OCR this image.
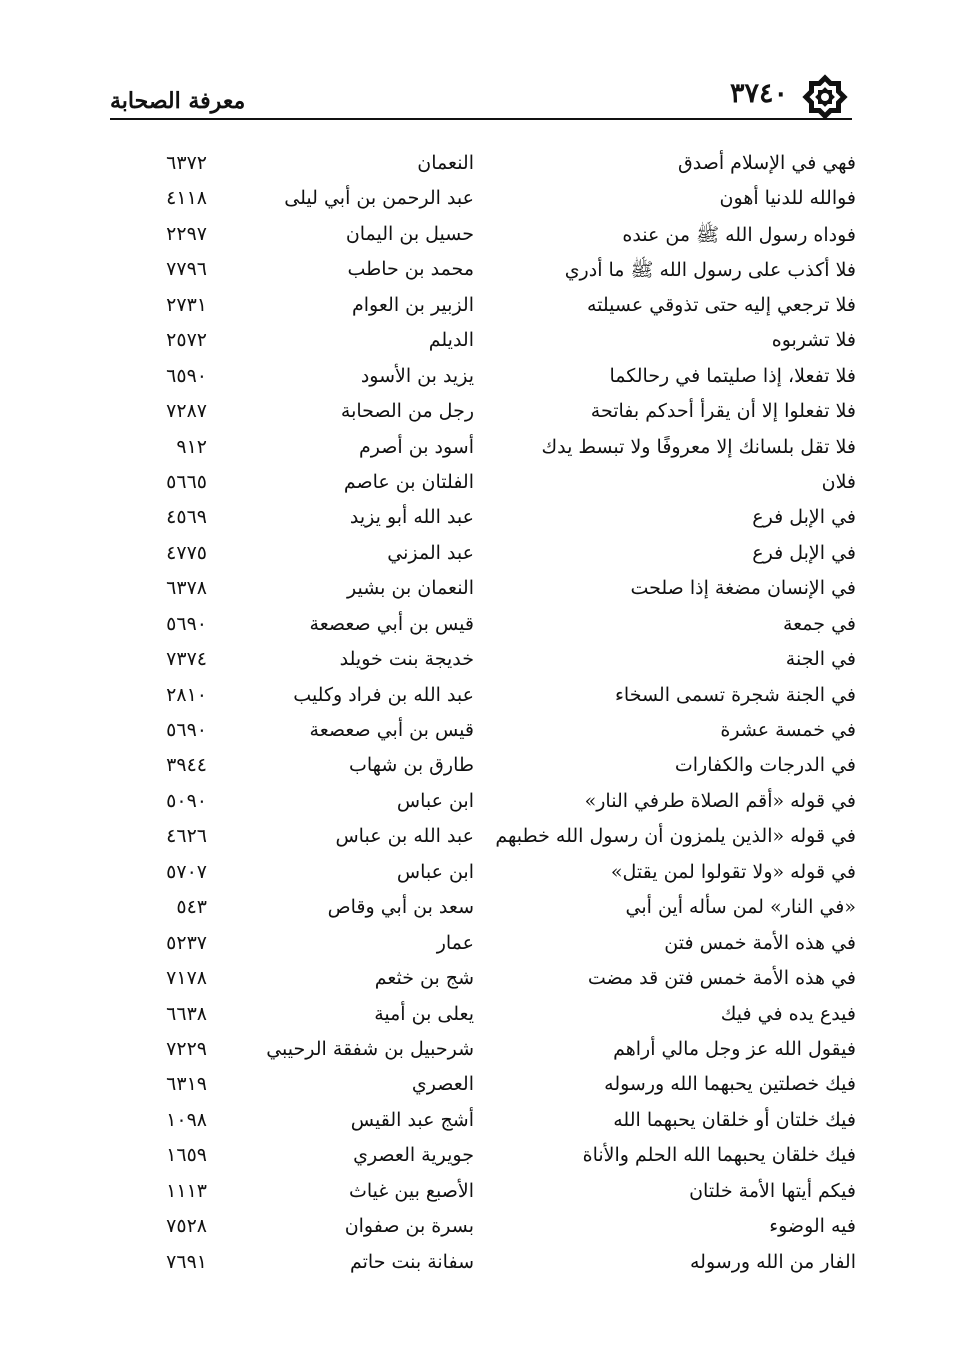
٣٧٤٠
معرفة الصحابة
فهي في الإسلام أصدق
النعمان
٦٣٧٢
فوالله للدنيا أهون
عبد الرحمن بن أبي ليلى
٤١١٨
فوداه رسول الله ﷺ من عنده
حسيل بن اليمان
٢٢٩٧
فلا أكذب على رسول الله ﷺ ما أدري
محمد بن حاطب
٧٧٩٦
فلا ترجعي إليه حتى تذوقي عسيلته
الزبير بن العوام
٢٧٣١
فلا تشربوه
الديلم
٢٥٧٢
فلا تفعلا، إذا صليتما في رحالكما
يزيد بن الأسود
٦٥٩٠
فلا تفعلوا إلا أن يقرأ أحدكم بفاتحة
رجل من الصحابة
٧٢٨٧
فلا تقل بلسانك إلا معروفًا ولا تبسط يدك
أسود بن أصرم
٩١٢
فلان
الفلتان بن عاصم
٥٦٦٥
في الإبل فرع
عبد الله أبو يزيد
٤٥٦٩
في الإبل فرع
عبد المزني
٤٧٧٥
في الإنسان مضغة إذا صلحت
النعمان بن بشير
٦٣٧٨
في جمعة
قيس بن أبي صعصعة
٥٦٩٠
في الجنة
خديجة بنت خويلد
٧٣٧٤
في الجنة شجرة تسمى السخاء
عبد الله بن فراد وكليب
٢٨١٠
في خمسة عشرة
قيس بن أبي صعصعة
٥٦٩٠
في الدرجات والكفارات
طارق بن شهاب
٣٩٤٤
في قوله «أقم الصلاة طرفي النار»
ابن عباس
٥٠٩٠
في قوله «الذين يلمزون أن رسول الله خطبهم
عبد الله بن عباس
٤٦٢٦
في قوله «ولا تقولوا لمن يقتل»
ابن عباس
٥٧٠٧
«في النار» لمن سأله أين أبي
سعد بن أبي وقاص
٥٤٣
في هذه الأمة خمس فتن
عمار
٥٢٣٧
في هذه الأمة خمس فتن قد مضت
شج بن خثعم
٧١٧٨
فيدع يده في فيك
يعلى بن أمية
٦٦٣٨
فيقول الله عز وجل مالي أراهم
شرحبيل بن شفقة الرحيبي
٧٢٢٩
فيك خصلتين يحبهما الله ورسوله
العصري
٦٣١٩
فيك خلتان أو خلقان يحبهما الله
أشج عبد القيس
١٠٩٨
فيك خلقان يحبهما الله الحلم والأناة
جويرية العصري
١٦٥٩
فيكم أيتها الأمة خلتان
الأصبع بين غياث
١١١٣
فيه الوضوء
بسرة بن صفوان
٧٥٢٨
الفار من الله ورسوله
سفانة بنت حاتم
٧٦٩١
